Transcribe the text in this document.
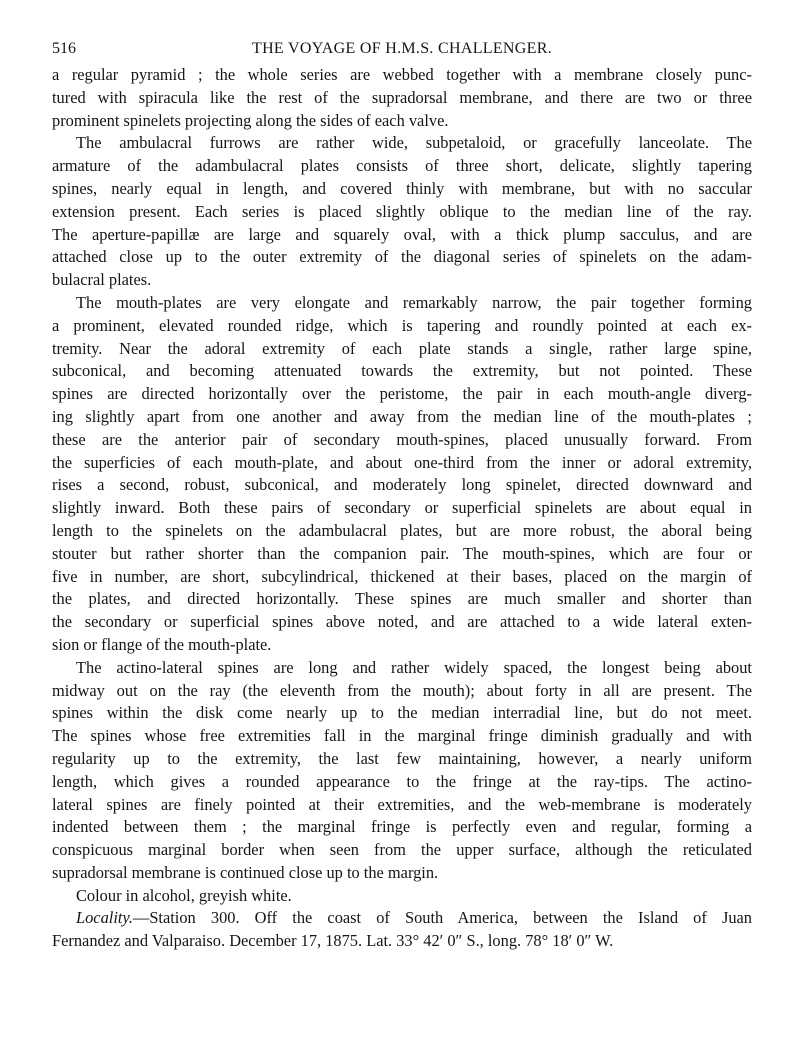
516	THE VOYAGE OF H.M.S. CHALLENGER.
a regular pyramid ; the whole series are webbed together with a membrane closely punc-
tured with spiracula like the rest of the supradorsal membrane, and there are two or three
prominent spinelets projecting along the sides of each valve.
The ambulacral furrows are rather wide, subpetaloid, or gracefully lanceolate. The
armature of the adambulacral plates consists of three short, delicate, slightly tapering
spines, nearly equal in length, and covered thinly with membrane, but with no saccular
extension present. Each series is placed slightly oblique to the median line of the ray.
The aperture-papillæ are large and squarely oval, with a thick plump sacculus, and are
attached close up to the outer extremity of the diagonal series of spinelets on the adam-
bulacral plates.
The mouth-plates are very elongate and remarkably narrow, the pair together forming
a prominent, elevated rounded ridge, which is tapering and roundly pointed at each ex-
tremity. Near the adoral extremity of each plate stands a single, rather large spine,
subconical, and becoming attenuated towards the extremity, but not pointed. These
spines are directed horizontally over the peristome, the pair in each mouth-angle diverg-
ing slightly apart from one another and away from the median line of the mouth-plates ;
these are the anterior pair of secondary mouth-spines, placed unusually forward. From
the superficies of each mouth-plate, and about one-third from the inner or adoral extremity,
rises a second, robust, subconical, and moderately long spinelet, directed downward and
slightly inward. Both these pairs of secondary or superficial spinelets are about equal in
length to the spinelets on the adambulacral plates, but are more robust, the aboral being
stouter but rather shorter than the companion pair. The mouth-spines, which are four or
five in number, are short, subcylindrical, thickened at their bases, placed on the margin of
the plates, and directed horizontally. These spines are much smaller and shorter than
the secondary or superficial spines above noted, and are attached to a wide lateral exten-
sion or flange of the mouth-plate.
The actino-lateral spines are long and rather widely spaced, the longest being about
midway out on the ray (the eleventh from the mouth); about forty in all are present. The
spines within the disk come nearly up to the median interradial line, but do not meet.
The spines whose free extremities fall in the marginal fringe diminish gradually and with
regularity up to the extremity, the last few maintaining, however, a nearly uniform
length, which gives a rounded appearance to the fringe at the ray-tips. The actino-
lateral spines are finely pointed at their extremities, and the web-membrane is moderately
indented between them ; the marginal fringe is perfectly even and regular, forming a
conspicuous marginal border when seen from the upper surface, although the reticulated
supradorsal membrane is continued close up to the margin.
Colour in alcohol, greyish white.
Locality.—Station 300. Off the coast of South America, between the Island of Juan
Fernandez and Valparaiso. December 17, 1875. Lat. 33° 42′ 0″ S., long. 78° 18′ 0″ W.
